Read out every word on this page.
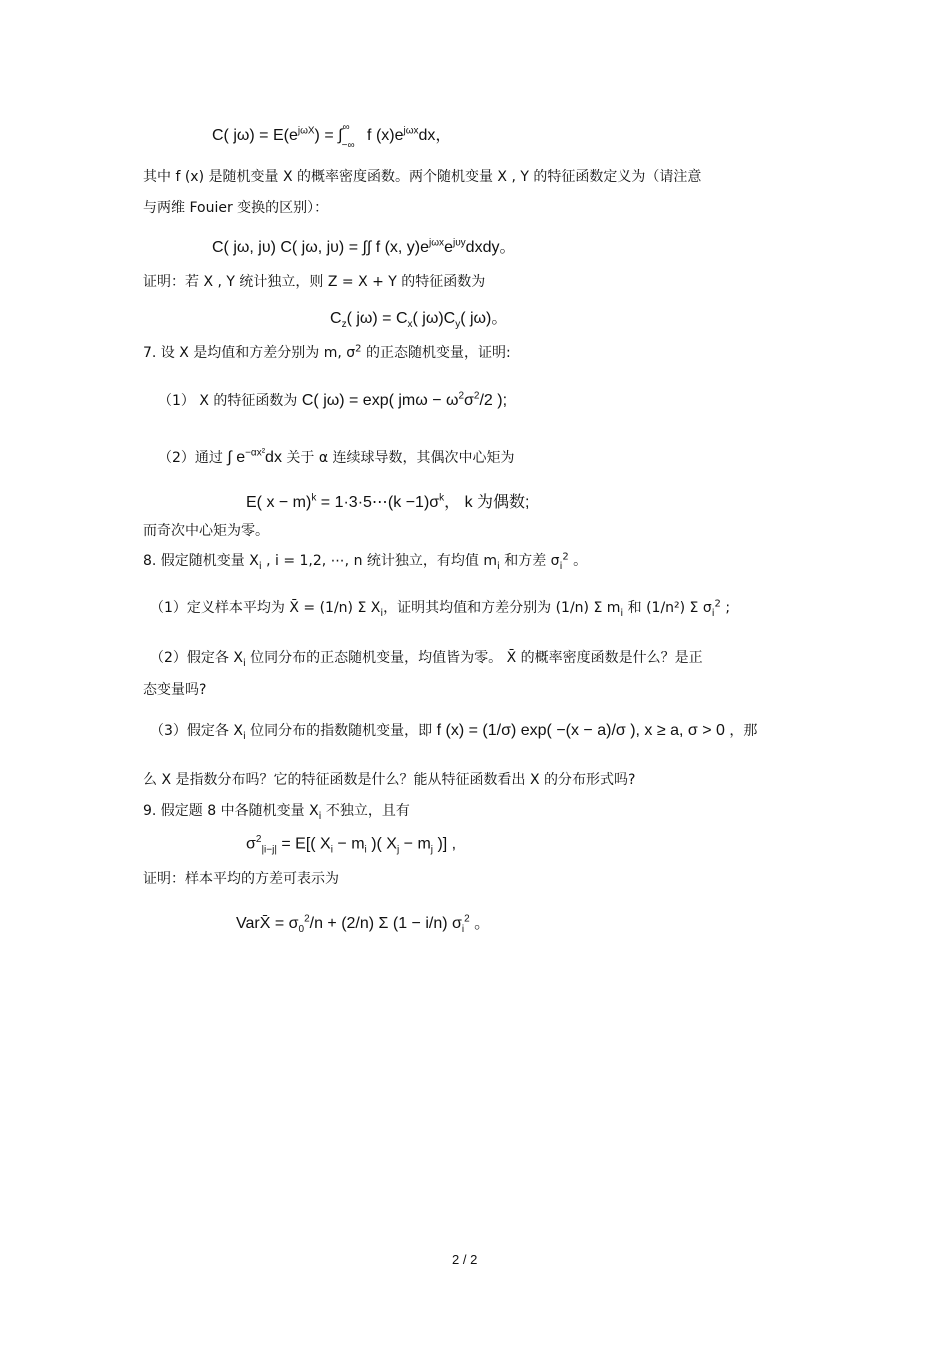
C( $j\omega) = E(e^{j\omega X}) = \int^\infty_{-\infty}$ f $(x)e^{j\omega x}dx$，
其中 f (x) 是随机变量 X 的概率密度函数。两个随机变量 X , Y 的特征函数定义为（请注意
与两维 Fouier 变换的区别）：
C( jω, jυ) C( jω, jυ) = ∫∫ f (x, $y)e^{j\omega x}e^{j\upsilon y}dxdy$。
证明：若 X , Y 统计独立，则 Z = X + Y 的特征函数为
$C_z$( $j\omega) = C_x$( $j\omega)C_y$( jω)。
7. 设 X 是均值和方差分别为 m, $\sigma^2$ 的正态随机变量，证明:
（1） X 的特征函数为 C( jω) = exp( $jm\omega - \omega^2\sigma^2/2$ );
（2）通过 ∫ $e^{-\alpha x^2}dx$ 关于 α 连续球导数，其偶次中心矩为
E( x − m)$^k$ = 1·3·5⋯(k $-1)\sigma^k$， k 为偶数;
而奇次中心矩为零。
8. 假定随机变量 $X_i$ , i = 1,2, ⋯, n 统计独立，有均值 $m_i$ 和方差 $\sigma_i^2$ 。
（1）定义样本平均为 X̄ = (1/n) Σ $X_i$，证明其均值和方差分别为 (1/n) Σ $m_i$ 和 (1/n²) Σ $\sigma_i^2$ ;
（2）假定各 $X_i$ 位同分布的正态随机变量，均值皆为零。 X̄ 的概率密度函数是什么？是正
态变量吗?
（3）假定各 $X_i$ 位同分布的指数随机变量，即 f (x) = (1/σ) exp( −(x − a)/σ ), x ≥ a, σ > 0 ，那
么 X 是指数分布吗？它的特征函数是什么？能从特征函数看出 X 的分布形式吗?
9. 假定题 8 中各随机变量 $X_i$ 不独立，且有
$\sigma^2_{|i-j|} = E$[( $X_i - m_i$ )( $X_j - m_j$ )] ,
证明：样本平均的方差可表示为
VarX̄ = $\sigma_0^2/n + (2/n)$ Σ (1 − i/n) $\sigma_i^2$ 。
2 / 2
